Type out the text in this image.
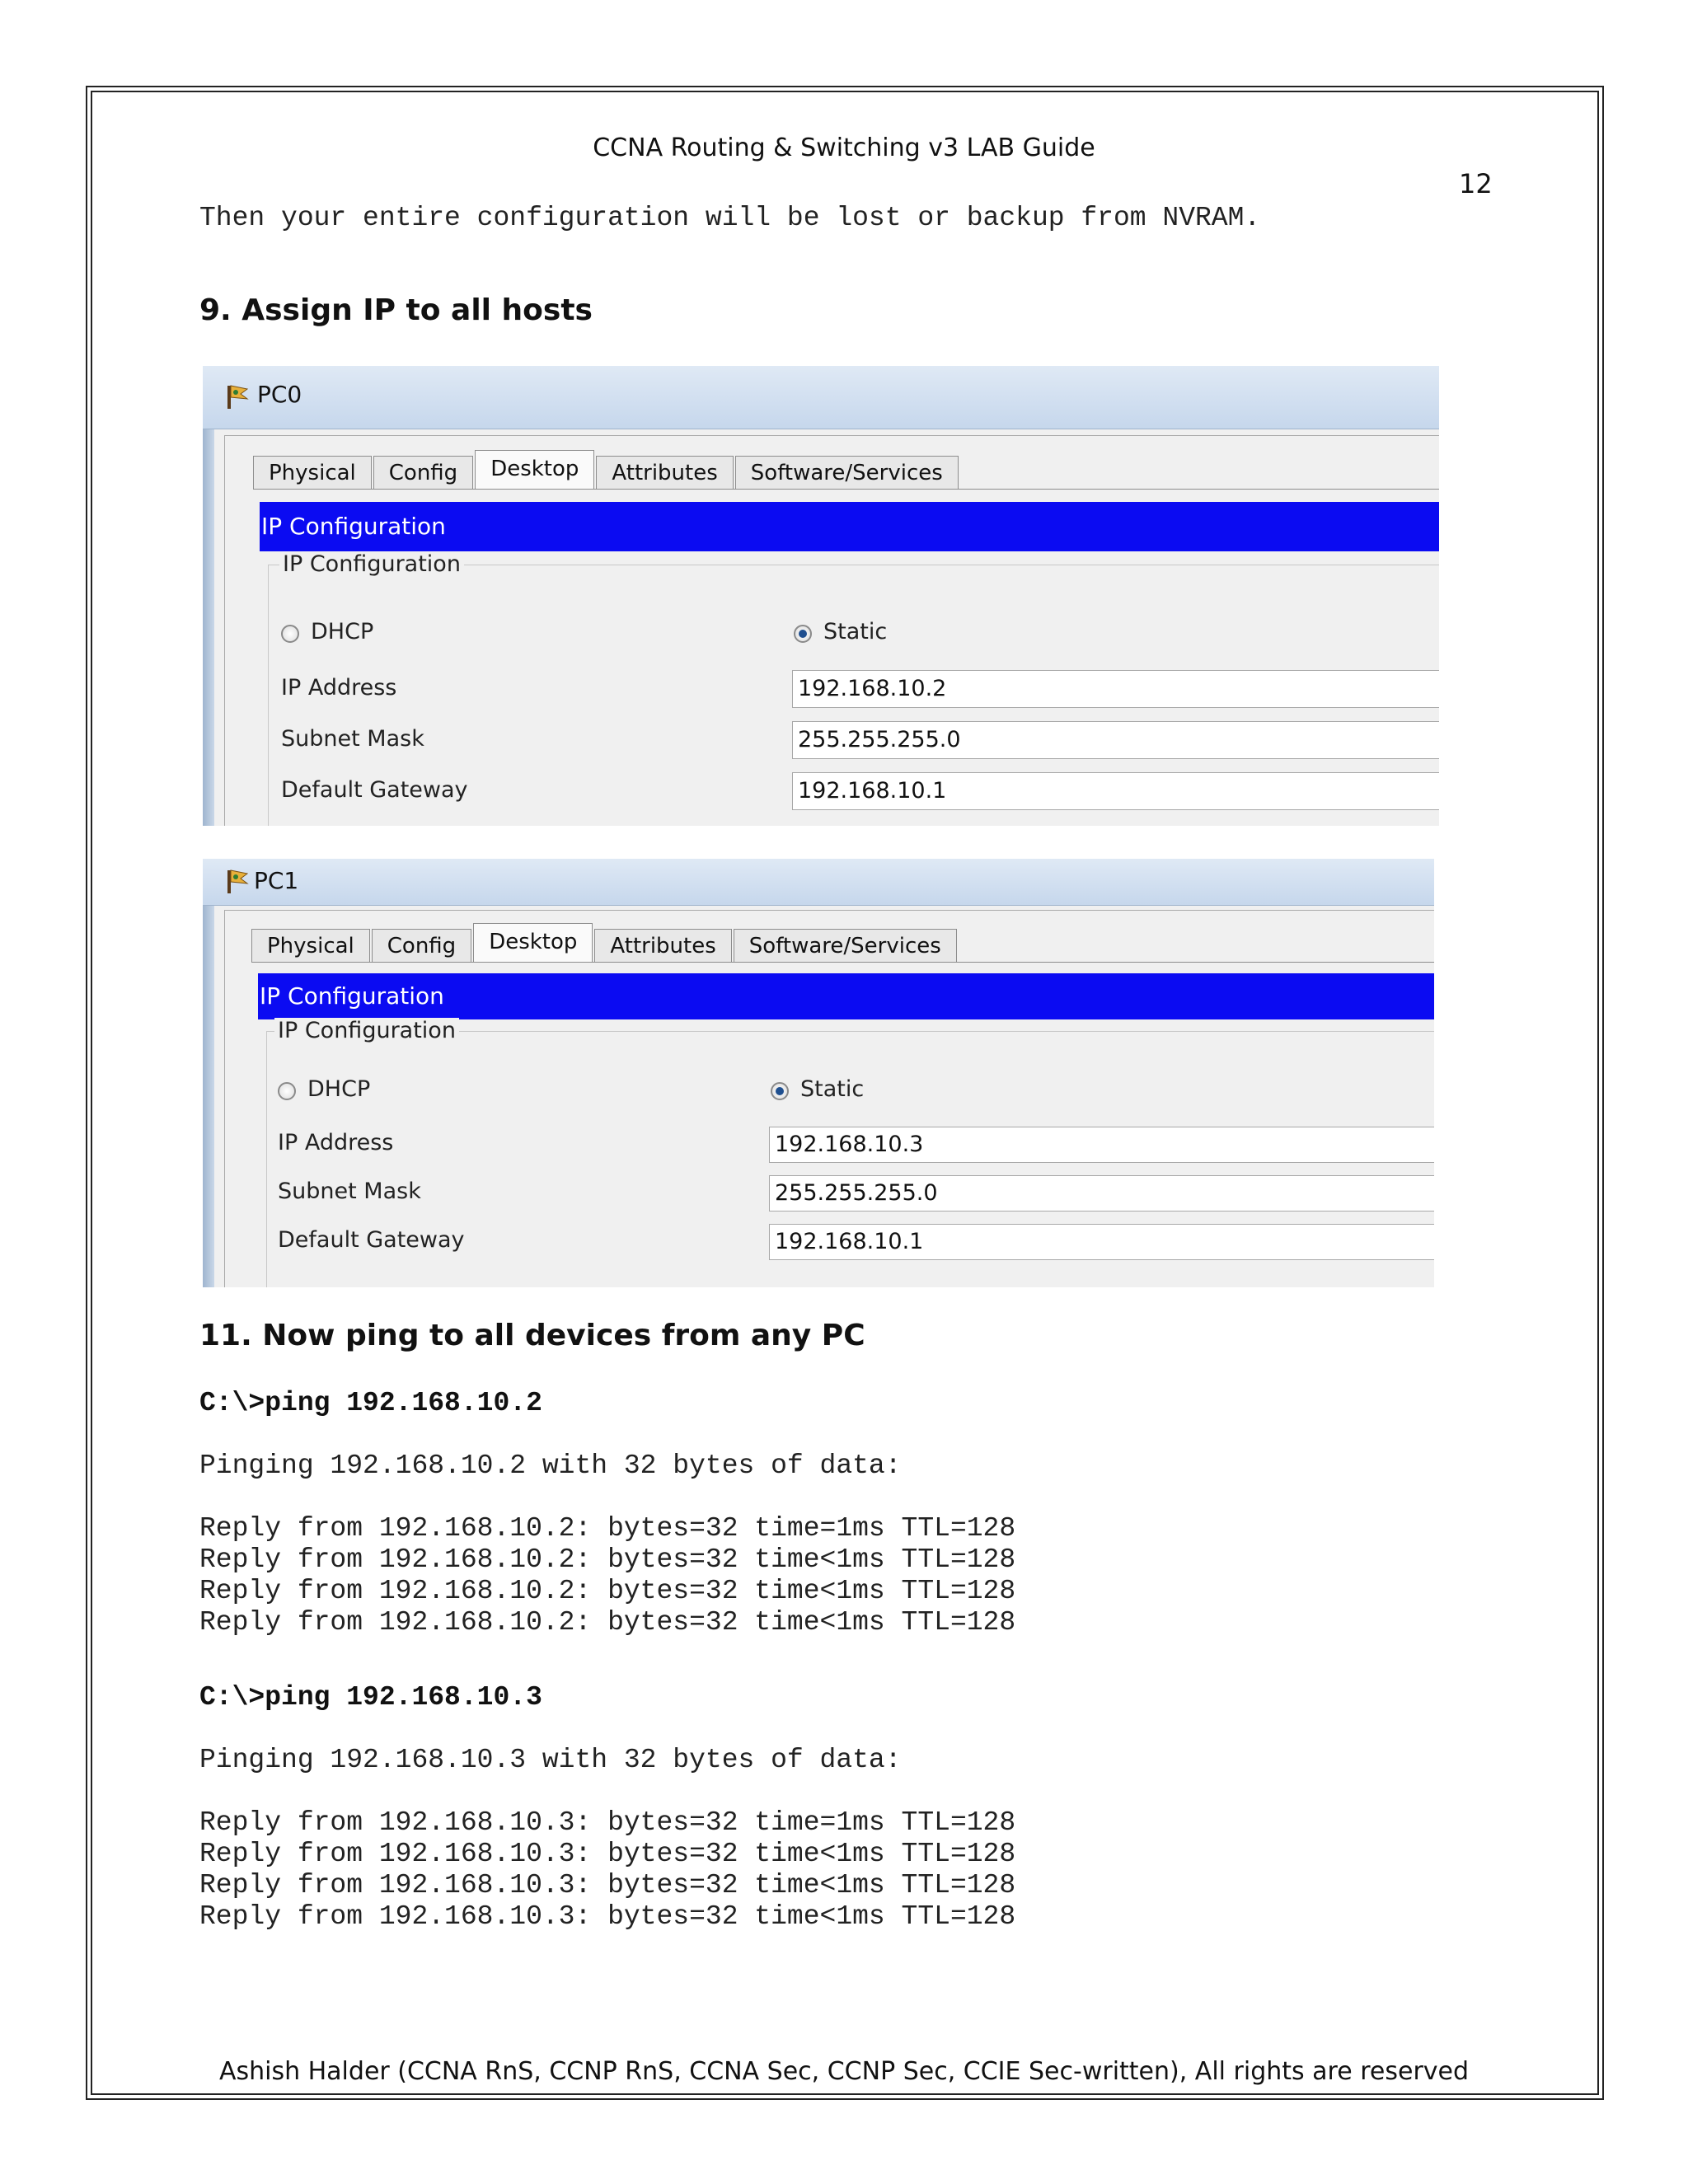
CCNA Routing & Switching v3 LAB Guide
12
Then your entire configuration will be lost or backup from NVRAM.
9. Assign IP to all hosts
PC0
Physical	Config	Desktop	Attributes	Software/Services
IP Configuration
IP Configuration
DHCP	Static
IP Address	192.168.10.2
Subnet Mask	255.255.255.0
Default Gateway	192.168.10.1
PC1
Physical	Config	Desktop	Attributes	Software/Services
IP Configuration
IP Configuration
DHCP	Static
IP Address	192.168.10.3
Subnet Mask	255.255.255.0
Default Gateway	192.168.10.1
11. Now ping to all devices from any PC
C:\>ping 192.168.10.2
Pinging 192.168.10.2 with 32 bytes of data:
Reply from 192.168.10.2: bytes=32 time=1ms TTL=128
Reply from 192.168.10.2: bytes=32 time<1ms TTL=128
Reply from 192.168.10.2: bytes=32 time<1ms TTL=128
Reply from 192.168.10.2: bytes=32 time<1ms TTL=128
C:\>ping 192.168.10.3
Pinging 192.168.10.3 with 32 bytes of data:
Reply from 192.168.10.3: bytes=32 time=1ms TTL=128
Reply from 192.168.10.3: bytes=32 time<1ms TTL=128
Reply from 192.168.10.3: bytes=32 time<1ms TTL=128
Reply from 192.168.10.3: bytes=32 time<1ms TTL=128
Ashish Halder (CCNA RnS, CCNP RnS, CCNA Sec, CCNP Sec, CCIE Sec-written), All rights are reserved
